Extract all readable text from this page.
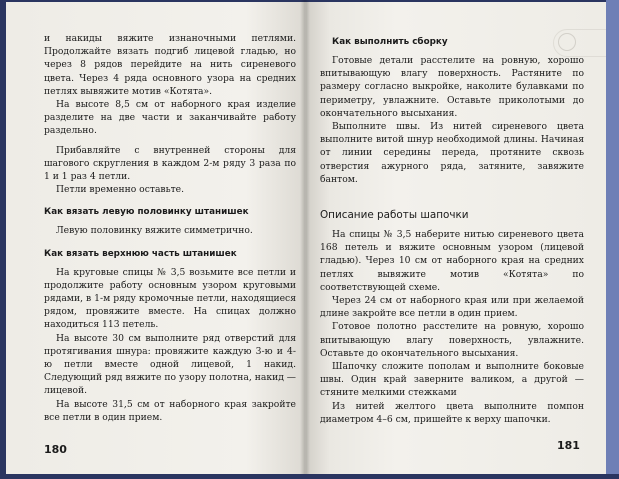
и накиды вяжите изнаночными петлями. Продолжайте вязать подгиб лицевой гладью, но через 8 рядов перейдите на нить сиреневого цвета. Через 4 ряда основного узора на средних петлях вывяжите мотив «Котята».

На высоте 8,5 см от наборного края изделие разделите на две части и заканчивайте работу раздельно.

Прибавляйте с внутренней стороны для шагового скругления в каждом 2-м ряду 3 раза по 1 и 1 раз 4 петли.

Петли временно оставьте.

Как вязать левую половинку штанишек

Левую половинку вяжите симметрично.

Как вязать верхнюю часть штанишек

На круговые спицы № 3,5 возьмите все петли и продолжите работу основным узором круговыми рядами, в 1-м ряду кромочные петли, находящиеся рядом, провяжите вместе. На спицах должно находиться 113 петель.

На высоте 30 см выполните ряд отверстий для протягивания шнура: провяжите каждую 3-ю и 4-ю петли вместе одной лицевой, 1 накид. Следующий ряд вяжите по узору полотна, накид — лицевой.

На высоте 31,5 см от наборного края закройте все петли в один прием.

180
Как выполнить сборку

Готовые детали расстелите на ровную, хорошо впитывающую влагу поверхность. Растяните по размеру согласно выкройке, наколите булавками по периметру, увлажните. Оставьте приколотыми до окончательного высыхания.

Выполните швы. Из нитей сиреневого цвета выполните витой шнур необходимой длины. Начиная от линии середины переда, протяните сквозь отверстия ажурного ряда, затяните, завяжите бантом.

Описание работы шапочки

На спицы № 3,5 наберите нитью сиреневого цвета 168 петель и вяжите основным узором (лицевой гладью). Через 10 см от наборного края на средних петлях вывяжите мотив «Котята» по соответствующей схеме.

Через 24 см от наборного края или при желаемой длине закройте все петли в один прием.

Готовое полотно расстелите на ровную, хорошо впитывающую влагу поверхность, увлажните. Оставьте до окончательного высыхания.

Шапочку сложите пополам и выполните боковые швы. Один край заверните валиком, а другой — стяните мелкими стежками

Из нитей желтого цвета выполните помпон диаметром 4–6 см, пришейте к верху шапочки.

181
